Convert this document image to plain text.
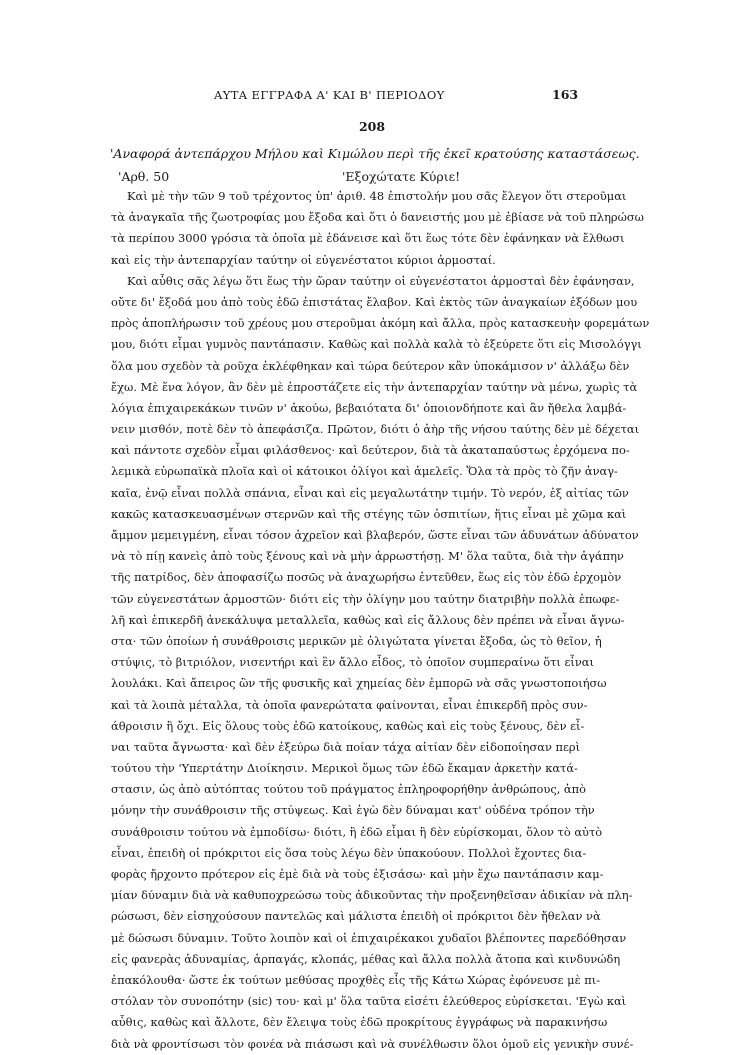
ΑΥΤΑ ΕΓΓΡΑΦΑ Α' ΚΑΙ Β' ΠΕΡΙΟΔΟΥ	163
208
'Αναφορά ἀντεπάρχου Μήλου καὶ Κιμώλου περὶ τῆς ἐκεῖ κρατούσης καταστάσεως.
'Αρθ. 50	'Εξοχώτατε Κύριε!
Καὶ μὲ τὴν τῶν 9 τοῦ τρέχοντος ὑπ' ἀριθ. 48 ἐπιστολήν μου σᾶς ἔλεγον ὅτι στεροῦμαι
τὰ ἀναγκαῖα τῆς ζωοτροφίας μου ἔξοδα καὶ ὅτι ὁ δανειστής μου μὲ ἐβίασε νὰ τοῦ πληρώσω
τὰ περίπου 3000 γρόσια τὰ ὁποῖα μὲ ἐδάνεισε καὶ ὅτι ἕως τότε δὲν ἐφάνηκαν νὰ ἔλθωσι
καὶ εἰς τὴν ἀντεπαρχίαν ταύτην οἱ εὐγενέστατοι κύριοι ἁρμοσταί.
Καὶ αὖθις σᾶς λέγω ὅτι ἕως τὴν ὥραν ταύτην οἱ εὐγενέστατοι ἁρμοσταὶ δὲν ἐφάνησαν,
οὔτε δι' ἔξοδά μου ἀπὸ τοὺς ἐδῶ ἐπιστάτας ἔλαβον. Καὶ ἐκτὸς τῶν ἀναγκαίων ἐξόδων μου
πρὸς ἀποπλήρωσιν τοῦ χρέους μου στεροῦμαι ἀκόμη καὶ ἄλλα, πρὸς κατασκευὴν φορεμάτων
μου, διότι εἶμαι γυμνὸς παντάπασιν. Καθὼς καὶ πολλὰ καλὰ τὸ ἐξεύρετε ὅτι εἰς Μισολόγγι
ὅλα μου σχεδὸν τὰ ροῦχα ἐκλέφθηκαν καὶ τώρα δεύτερον κἂν ὑποκάμισον ν' ἀλλάξω δὲν
ἔχω. Μὲ ἕνα λόγον, ἂν δὲν μὲ ἐπροστάζετε εἰς τὴν ἀντεπαρχίαν ταύτην νὰ μένω, χωρὶς τὰ
λόγια ἐπιχαιρεκάκων τινῶν ν' ἀκούω, βεβαιότατα δι' ὁποιονδήποτε καὶ ἂν ἤθελα λαμβά-
νειν μισθόν, ποτὲ δὲν τὸ ἀπεφάσιζα. Πρῶτον, διότι ὁ ἀὴρ τῆς νήσου ταύτης δὲν μὲ δέχεται
καὶ πάντοτε σχεδὸν εἶμαι φιλάσθενος· καὶ δεύτερον, διὰ τὰ ἀκαταπαύστως ἐρχόμενα πο-
λεμικὰ εὐρωπαϊκὰ πλοῖα καὶ οἱ κάτοικοι ὀλίγοι καὶ ἀμελεῖς. Ὅλα τὰ πρὸς τὸ ζῆν ἀναγ-
καῖα, ἐνῷ εἶναι πολλὰ σπάνια, εἶναι καὶ εἰς μεγαλωτάτην τιμήν. Τὸ νερόν, ἐξ αἰτίας τῶν
κακῶς κατασκευασμένων στερνῶν καὶ τῆς στέγης τῶν ὀσπιτίων, ἥτις εἶναι μὲ χῶμα καὶ
ἄμμον μεμειγμένη, εἶναι τόσον ἀχρεῖον καὶ βλαβερόν, ὥστε εἶναι τῶν ἀδυνάτων ἀδύνατον
νὰ τὸ πίῃ κανεὶς ἀπὸ τοὺς ξένους καὶ νὰ μὴν ἀρρωστήσῃ. Μ' ὅλα ταῦτα, διὰ τὴν ἀγάπην
τῆς πατρίδος, δὲν ἀποφασίζω ποσῶς νὰ ἀναχωρήσω ἐντεῦθεν, ἕως εἰς τὸν ἐδῶ ἐρχομὸν
τῶν εὐγενεστάτων ἁρμοστῶν· διότι εἰς τὴν ὀλίγην μου ταύτην διατριβὴν πολλὰ ἐπωφε-
λῆ καὶ ἐπικερδῆ ἀνεκάλυψα μεταλλεῖα, καθὼς καὶ εἰς ἄλλους δὲν πρέπει νὰ εἶναι ἄγνω-
στα· τῶν ὁποίων ἡ συνάθροισις μερικῶν μὲ ὀλιγώτατα γίνεται ἔξοδα, ὡς τὸ θεῖον, ἡ
στύψις, τὸ βιτριόλον, νισεντήρι καὶ ἓν ἄλλο εἶδος, τὸ ὁποῖον συμπεραίνω ὅτι εἶναι
λουλάκι. Καὶ ἄπειρος ὢν τῆς φυσικῆς καὶ χημείας δὲν ἐμπορῶ νὰ σᾶς γνωστοποιήσω
καὶ τὰ λοιπὰ μέταλλα, τὰ ὁποῖα φανερώτατα φαίνονται, εἶναι ἐπικερδῆ πρὸς συν-
άθροισιν ἢ ὄχι. Εἰς ὅλους τοὺς ἐδῶ κατοίκους, καθὼς καὶ εἰς τοὺς ξένους, δὲν εἶ-
ναι ταῦτα ἄγνωστα· καὶ δὲν ἐξεύρω διὰ ποίαν τάχα αἰτίαν δὲν εἰδοποίησαν περὶ
τούτου τὴν 'Υπερτάτην Διοίκησιν. Μερικοὶ ὅμως τῶν ἐδῶ ἔκαμαν ἀρκετὴν κατά-
στασιν, ὡς ἀπὸ αὐτόπτας τούτου τοῦ πράγματος ἐπληροφορήθην ἀνθρώπους, ἀπὸ
μόνην τὴν συνάθροισιν τῆς στύψεως. Καὶ ἐγὼ δὲν δύναμαι κατ' οὐδένα τρόπον τὴν
συνάθροισιν τούτου νὰ ἐμποδίσω· διότι, ἢ ἐδῶ εἶμαι ἢ δὲν εὑρίσκομαι, ὅλον τὸ αὐτὸ
εἶναι, ἐπειδὴ οἱ πρόκριτοι εἰς ὅσα τοὺς λέγω δὲν ὑπακούουν. Πολλοὶ ἔχοντες δια-
φορὰς ἤρχοντο πρότερον εἰς ἐμὲ διὰ νὰ τοὺς ἐξισάσω· καὶ μὴν ἔχω παντάπασιν καμ-
μίαν δύναμιν διὰ νὰ καθυποχρεώσω τοὺς ἀδικοῦντας τὴν προξενηθεῖσαν ἀδικίαν νὰ πλη-
ρώσωσι, δὲν εἰσηχούσουν παντελῶς καὶ μάλιστα ἐπειδὴ οἱ πρόκριτοι δὲν ἤθελαν νὰ
μὲ δώσωσι δύναμιν. Τοῦτο λοιπὸν καὶ οἱ ἐπιχαιρέκακοι χυδαῖοι βλέποντες παρεδόθησαν
εἰς φανερὰς ἀδυναμίας, ἁρπαγάς, κλοπάς, μέθας καὶ ἄλλα πολλὰ ἄτοπα καὶ κινδυνώδη
ἐπακόλουθα· ὥστε ἐκ τούτων μεθύσας προχθὲς εἷς τῆς Κάτω Χώρας ἐφόνευσε μὲ πι-
στόλαν τὸν συνοπότην (sic) του· καὶ μ' ὅλα ταῦτα εἰσέτι ἐλεύθερος εὑρίσκεται. 'Εγὼ καὶ
αὖθις, καθὼς καὶ ἄλλοτε, δὲν ἔλειψα τοὺς ἐδῶ προκρίτους ἐγγράφως νὰ παρακινήσω
διὰ νὰ φροντίσωσι τὸν φονέα νὰ πιάσωσι καὶ νὰ συνέλθωσιν ὅλοι ὁμοῦ εἰς γενικὴν συνέ-
